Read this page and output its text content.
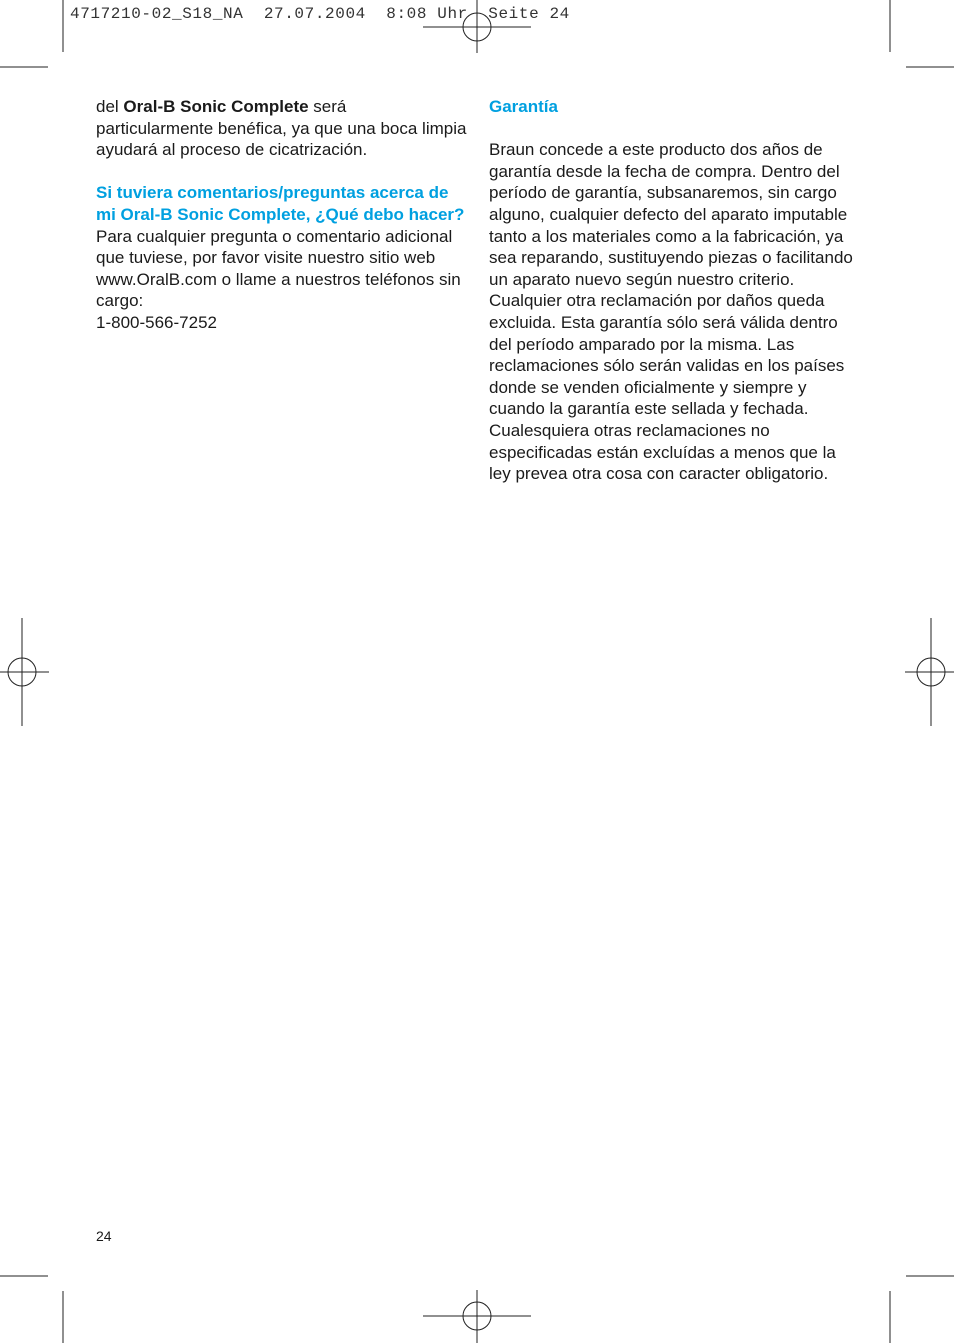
4717210-02_S18_NA  27.07.2004  8:08 Uhr  Seite 24

del Oral-B Sonic Complete será particularmente benéfica, ya que una boca limpia ayudará al proceso de cicatrización.

Si tuviera comentarios/preguntas acerca de mi Oral-B Sonic Complete, ¿Qué debo hacer?

Para cualquier pregunta o comentario adicional que tuviese, por favor visite nuestro sitio web www.OralB.com o llame a nuestros teléfonos sin cargo:

1-800-566-7252

Garantía

Braun concede a este producto dos años de garantía desde la fecha de compra. Dentro del período de garantía, subsanaremos, sin cargo alguno, cualquier defecto del aparato imputable tanto a los materiales como a la fabricación, ya sea reparando, sustituyendo piezas o facilitando un aparato nuevo según nuestro criterio. Cualquier otra reclamación por daños queda excluida. Esta garantía sólo será válida dentro del período amparado por la misma. Las reclamaciones sólo serán validas en los países donde se venden oficialmente y siempre y cuando la garantía este sellada y fechada. Cualesquiera otras reclamaciones no especificadas están excluídas a menos que la ley prevea otra cosa con caracter obligatorio.

24
